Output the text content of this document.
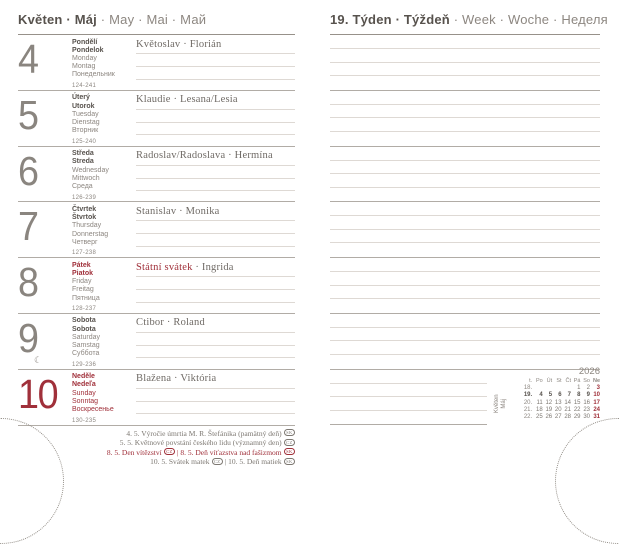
Květen · Máj · May · Mai · Май
4	Pondělí
Pondelok
Monday
Montag
Понедельник
124-241
Květoslav · Florián
5	Úterý
Utorok
Tuesday
Dienstag
Вторник
125-240
Klaudie · Lesana/Lesia
6	Středa
Streda
Wednesday
Mittwoch
Среда
126-239
Radoslav/Radoslava · Hermína
7	Čtvrtek
Štvrtok
Thursday
Donnerstag
Четверг
127-238
Stanislav · Monika
8	Pátek
Piatok
Friday
Freitag
Пятница
128-237
Státní svátek · Ingrida
9
☾
Sobota
Sobota
Saturday
Samstag
Суббота
129-236
Ctibor · Roland
10	Neděle
Nedeľa
Sunday
Sonntag
Воскресенье
130-235
Blažena · Viktória
4. 5. Výročie úmrtia M. R. Štefánika (pamätný deň) SK
5. 5. Květnové povstání českého lidu (významný den) CZ
8. 5. Den vítězství CZ | 8. 5. Deň víťazstva nad fašizmom SK
10. 5. Svátek matek CZ | 10. 5. Deň matiek SK
19. Týden · Týždeň · Week · Woche · Неделя
Květen Máj
2026
t.	Po	Út	St	Čt	Pá	So	Ne
18.					1	2	3
19.	4	5	6	7	8	9	10
20.	11	12	13	14	15	16	17
21.	18	19	20	21	22	23	24
22.	25	26	27	28	29	30	31
